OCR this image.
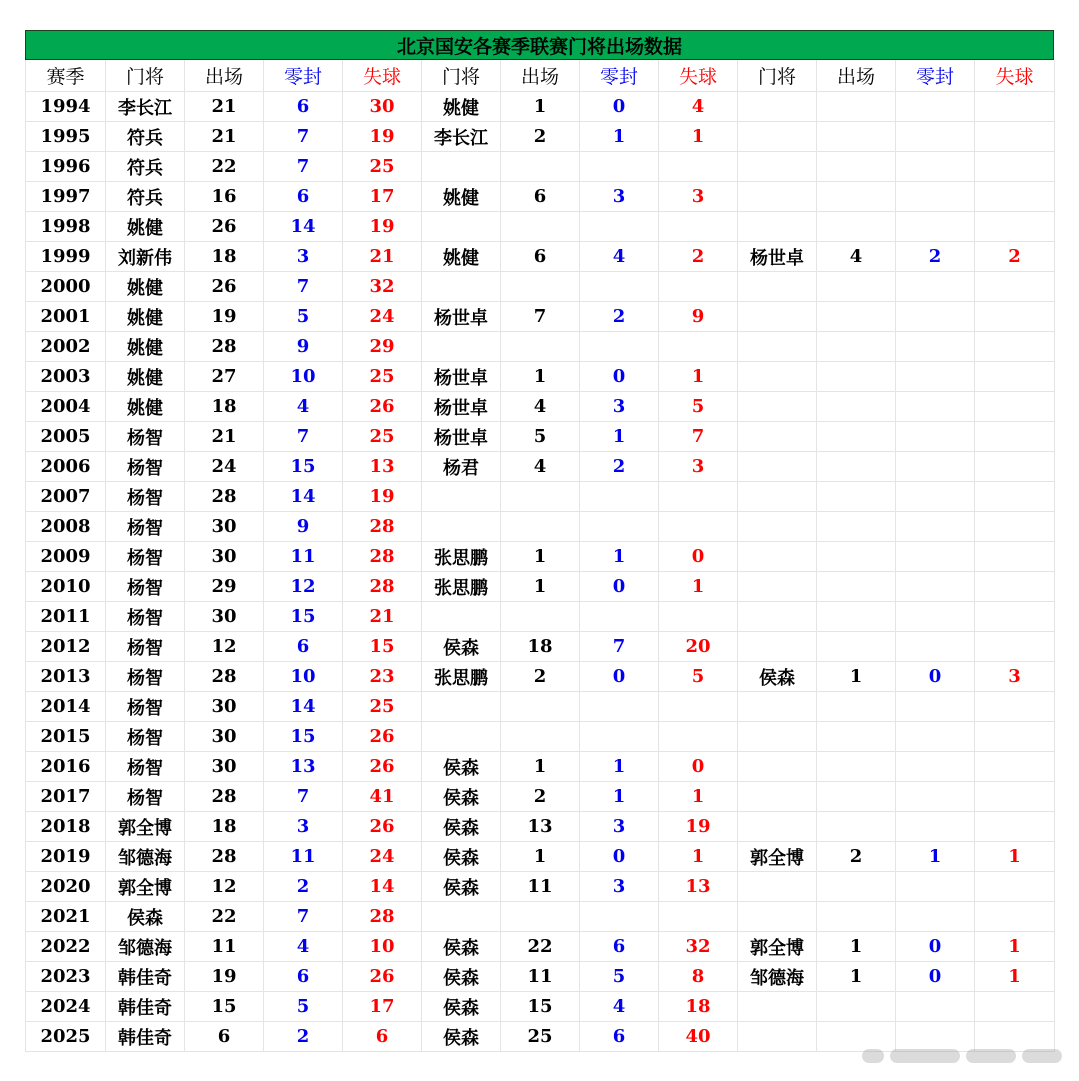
北京国安各赛季联赛门将出场数据
赛季	门将	出场	零封	失球	门将	出场	零封	失球	门将	出场	零封	失球
1994	李长江	21	6	30	姚健	1	0	4				
1995	符兵	21	7	19	李长江	2	1	1				
1996	符兵	22	7	25								
1997	符兵	16	6	17	姚健	6	3	3				
1998	姚健	26	14	19								
1999	刘新伟	18	3	21	姚健	6	4	2	杨世卓	4	2	2
2000	姚健	26	7	32								
2001	姚健	19	5	24	杨世卓	7	2	9				
2002	姚健	28	9	29								
2003	姚健	27	10	25	杨世卓	1	0	1				
2004	姚健	18	4	26	杨世卓	4	3	5				
2005	杨智	21	7	25	杨世卓	5	1	7				
2006	杨智	24	15	13	杨君	4	2	3				
2007	杨智	28	14	19								
2008	杨智	30	9	28								
2009	杨智	30	11	28	张思鹏	1	1	0				
2010	杨智	29	12	28	张思鹏	1	0	1				
2011	杨智	30	15	21								
2012	杨智	12	6	15	侯森	18	7	20				
2013	杨智	28	10	23	张思鹏	2	0	5	侯森	1	0	3
2014	杨智	30	14	25								
2015	杨智	30	15	26								
2016	杨智	30	13	26	侯森	1	1	0				
2017	杨智	28	7	41	侯森	2	1	1				
2018	郭全博	18	3	26	侯森	13	3	19				
2019	邹德海	28	11	24	侯森	1	0	1	郭全博	2	1	1
2020	郭全博	12	2	14	侯森	11	3	13				
2021	侯森	22	7	28								
2022	邹德海	11	4	10	侯森	22	6	32	郭全博	1	0	1
2023	韩佳奇	19	6	26	侯森	11	5	8	邹德海	1	0	1
2024	韩佳奇	15	5	17	侯森	15	4	18				
2025	韩佳奇	6	2	6	侯森	25	6	40				
